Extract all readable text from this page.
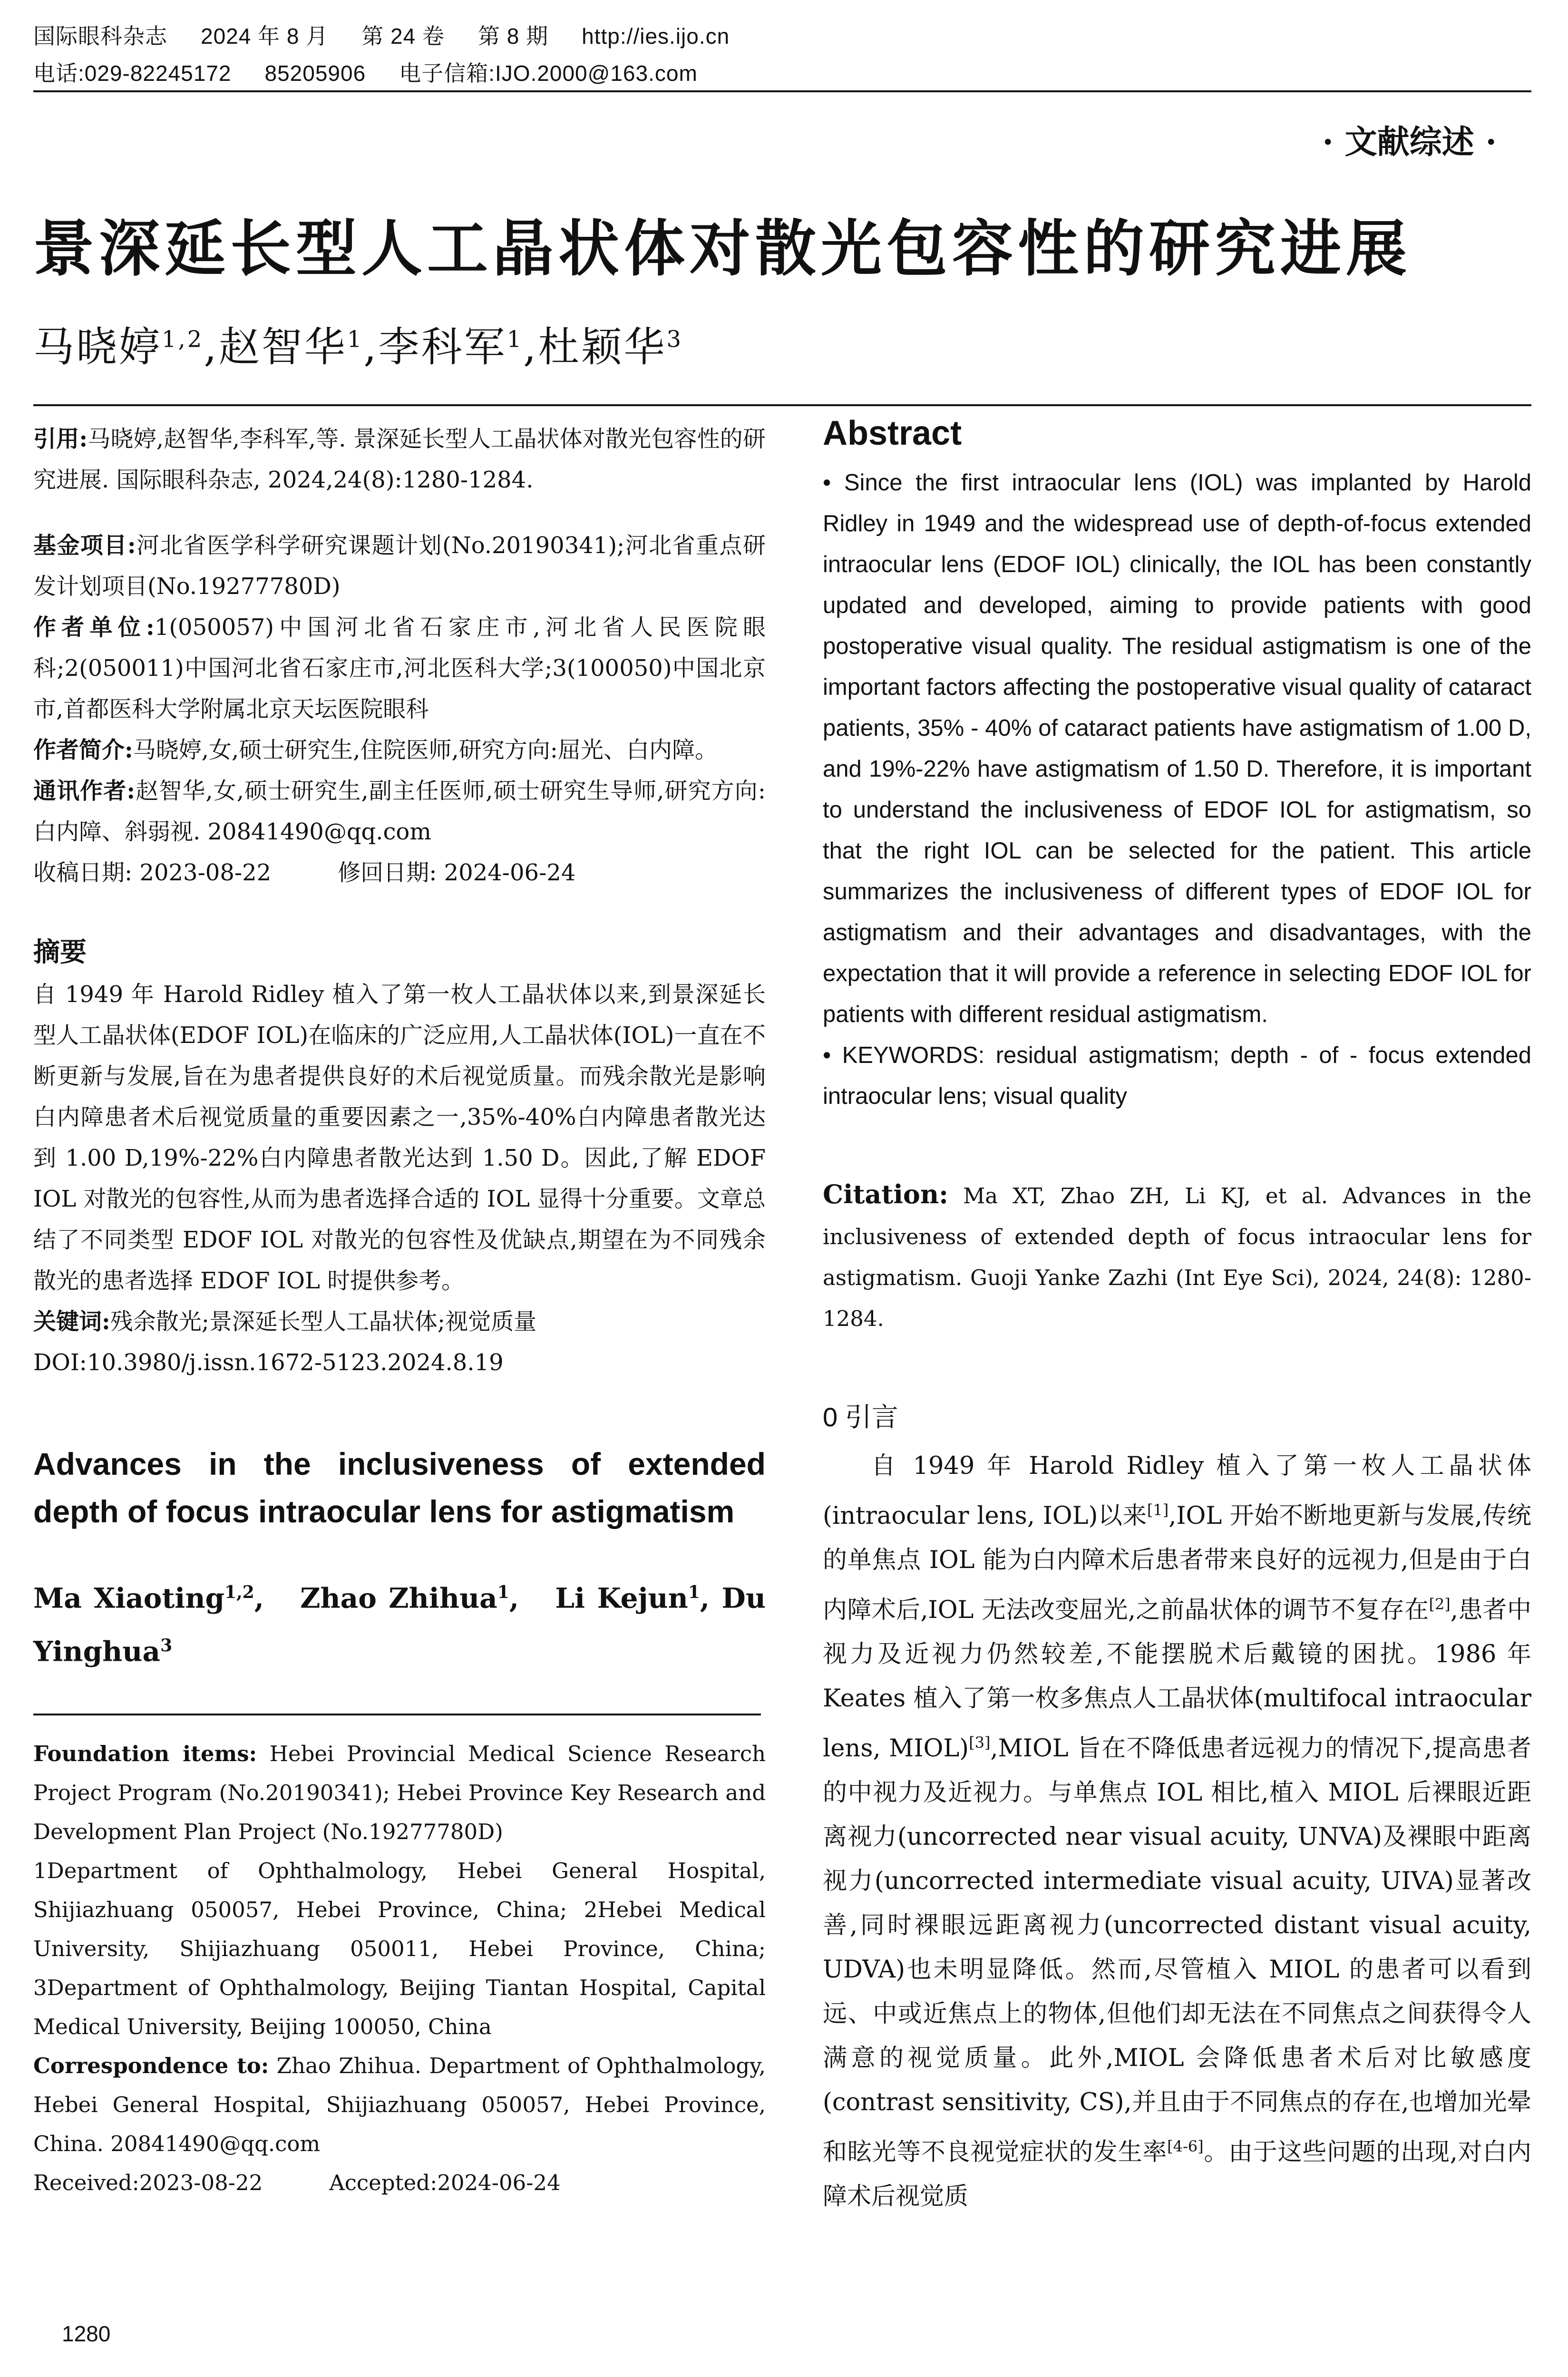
国际眼科杂志 2024 年 8 月 第 24 卷 第 8 期 http://ies.ijo.cn
电话:029-82245172 85205906 电子信箱:IJO.2000@163.com
· 文献综述 ·
景深延长型人工晶状体对散光包容性的研究进展
马晓婷$^{1,2}$,赵智华$^1$,李科军$^1$,杜颖华$^3$

引用:马晓婷,赵智华,李科军,等. 景深延长型人工晶状体对散光包容性的研究进展. 国际眼科杂志, 2024,24(8):1280-1284.

基金项目:河北省医学科学研究课题计划(No.20190341);河北省重点研发计划项目(No.19277780D)

作者单位:1(050057)中国河北省石家庄市,河北省人民医院眼科;2(050011)中国河北省石家庄市,河北医科大学;3(100050)中国北京市,首都医科大学附属北京天坛医院眼科

作者简介:马晓婷,女,硕士研究生,住院医师,研究方向:屈光、白内障。

通讯作者:赵智华,女,硕士研究生,副主任医师,硕士研究生导师,研究方向:白内障、斜弱视. 20841490@qq.com

收稿日期: 2023-08-22	修回日期: 2024-06-24

摘要

自 1949 年 Harold Ridley 植入了第一枚人工晶状体以来,到景深延长型人工晶状体(EDOF IOL)在临床的广泛应用,人工晶状体(IOL)一直在不断更新与发展,旨在为患者提供良好的术后视觉质量。而残余散光是影响白内障患者术后视觉质量的重要因素之一,35%-40%白内障患者散光达到 1.00 D,19%-22%白内障患者散光达到 1.50 D。因此,了解 EDOF IOL 对散光的包容性,从而为患者选择合适的 IOL 显得十分重要。文章总结了不同类型 EDOF IOL 对散光的包容性及优缺点,期望在为不同残余散光的患者选择 EDOF IOL 时提供参考。

关键词:残余散光;景深延长型人工晶状体;视觉质量

DOI:10.3980/j.issn.1672-5123.2024.8.19

Advances in the inclusiveness of extended depth of focus intraocular lens for astigmatism
Ma Xiaoting$^{1,2}$,   Zhao Zhihua$^1$,   Li Kejun$^1$, Du Yinghua$^3$

Foundation items: Hebei Provincial Medical Science Research Project Program (No.20190341); Hebei Province Key Research and Development Plan Project (No.19277780D)

1Department of Ophthalmology, Hebei General Hospital, Shijiazhuang 050057, Hebei Province, China; 2Hebei Medical University, Shijiazhuang 050011, Hebei Province, China; 3Department of Ophthalmology, Beijing Tiantan Hospital, Capital Medical University, Beijing 100050, China

Correspondence to: Zhao Zhihua. Department of Ophthalmology, Hebei General Hospital, Shijiazhuang 050057, Hebei Province, China. 20841490@qq.com

Received:2023-08-22	Accepted:2024-06-24

Abstract

• Since the first intraocular lens (IOL) was implanted by Harold Ridley in 1949 and the widespread use of depth-of-focus extended intraocular lens (EDOF IOL) clinically, the IOL has been constantly updated and developed, aiming to provide patients with good postoperative visual quality. The residual astigmatism is one of the important factors affecting the postoperative visual quality of cataract patients, 35% - 40% of cataract patients have astigmatism of 1.00 D, and 19%-22% have astigmatism of 1.50 D. Therefore, it is important to understand the inclusiveness of EDOF IOL for astigmatism, so that the right IOL can be selected for the patient. This article summarizes the inclusiveness of different types of EDOF IOL for astigmatism and their advantages and disadvantages, with the expectation that it will provide a reference in selecting EDOF IOL for patients with different residual astigmatism.

• KEYWORDS: residual astigmatism; depth - of - focus extended intraocular lens; visual quality

Citation: Ma XT, Zhao ZH, Li KJ, et al. Advances in the inclusiveness of extended depth of focus intraocular lens for astigmatism. Guoji Yanke Zazhi (Int Eye Sci), 2024, 24(8): 1280-1284.

0 引言

自 1949 年 Harold Ridley 植入了第一枚人工晶状体(intraocular lens, IOL)以来[1],IOL 开始不断地更新与发展,传统的单焦点 IOL 能为白内障术后患者带来良好的远视力,但是由于白内障术后,IOL 无法改变屈光,之前晶状体的调节不复存在[2],患者中视力及近视力仍然较差,不能摆脱术后戴镜的困扰。1986 年 Keates 植入了第一枚多焦点人工晶状体(multifocal intraocular lens, MIOL)[3],MIOL 旨在不降低患者远视力的情况下,提高患者的中视力及近视力。与单焦点 IOL 相比,植入 MIOL 后裸眼近距离视力(uncorrected near visual acuity, UNVA)及裸眼中距离视力(uncorrected intermediate visual acuity, UIVA)显著改善,同时裸眼远距离视力(uncorrected distant visual acuity, UDVA)也未明显降低。然而,尽管植入 MIOL 的患者可以看到远、中或近焦点上的物体,但他们却无法在不同焦点之间获得令人满意的视觉质量。此外,MIOL 会降低患者术后对比敏感度(contrast sensitivity, CS),并且由于不同焦点的存在,也增加光晕和眩光等不良视觉症状的发生率[4-6]。由于这些问题的出现,对白内障术后视觉质

1280
